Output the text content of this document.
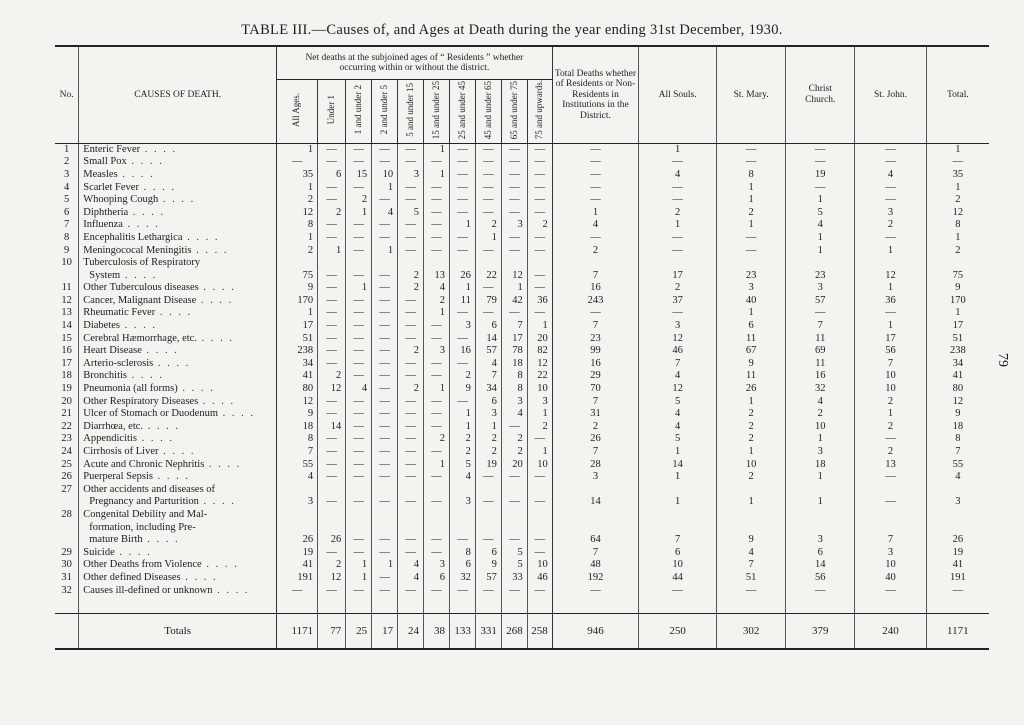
TABLE III.—Causes of, and Ages at Death during the year ending 31st December, 1930.
No.	CAUSES OF DEATH.	Net deaths at the subjoined ages of “ Residents ” whether occurring within or without the district.										Total Deaths whether of Residents or Non-Residents in Institutions in the District.	All Souls.	St. Mary.	Christ Church.	St. John.	Total.
		All Ages.	Under 1	1 and under 2	2 and under 5	5 and under 15	15 and under 25	25 and under 45	45 and under 65	65 and under 75	75 and upwards.						
1	Enteric Fever . . . .	1	—	—	—	—	1	—	—	—	—	—	1	—	—	—	1
2	Small Pox . . . .	—	—	—	—	—	—	—	—	—	—	—	—	—	—	—	—
3	Measles . . . .	35	6	15	10	3	1	—	—	—	—	—	4	8	19	4	35
4	Scarlet Fever . . . .	1	—	—	1	—	—	—	—	—	—	—	—	1	—	—	1
5	Whooping Cough . . . .	2	—	2	—	—	—	—	—	—	—	—	—	1	1	—	2
6	Diphtheria . . . .	12	2	1	4	5	—	—	—	—	—	1	2	2	5	3	12
7	Influenza . . . .	8	—	—	—	—	—	1	2	3	2	4	1	1	4	2	8
8	Encephalitis Lethargica . . . .	1	—	—	—	—	—	—	1	—	—	—	—	—	1	—	1
9	Meningococal Meningitis . . . .	2	1	—	1	—	—	—	—	—	—	2	—	—	1	1	2
10	Tuberculosis of Respiratory
System . . . .	75	—	—	—	2	13	26	22	12	—	7	17	23	23	12	75
11	Other Tuberculous diseases . . . .	9	—	1	—	2	4	1	—	1	—	16	2	3	3	1	9
12	Cancer, Malignant Disease . . . .	170	—	—	—	—	2	11	79	42	36	243	37	40	57	36	170
13	Rheumatic Fever . . . .	1	—	—	—	—	1	—	—	—	—	—	—	1	—	—	1
14	Diabetes . . . .	17	—	—	—	—	—	3	6	7	1	7	3	6	7	1	17
15	Cerebral Hæmorrhage, etc. . . . .	51	—	—	—	—	—	—	14	17	20	23	12	11	11	17	51
16	Heart Disease . . . .	238	—	—	—	2	3	16	57	78	82	99	46	67	69	56	238
17	Arterio-sclerosis . . . .	34	—	—	—	—	—	—	4	18	12	16	7	9	11	7	34
18	Bronchitis . . . .	41	2	—	—	—	—	2	7	8	22	29	4	11	16	10	41
19	Pneumonia (all forms) . . . .	80	12	4	—	2	1	9	34	8	10	70	12	26	32	10	80
20	Other Respiratory Diseases . . . .	12	—	—	—	—	—	—	6	3	3	7	5	1	4	2	12
21	Ulcer of Stomach or Duodenum . . . .	9	—	—	—	—	—	1	3	4	1	31	4	2	2	1	9
22	Diarrhœa, etc. . . . .	18	14	—	—	—	—	1	1	—	2	2	4	2	10	2	18
23	Appendicitis . . . .	8	—	—	—	—	2	2	2	2	—	26	5	2	1	—	8
24	Cirrhosis of Liver . . . .	7	—	—	—	—	—	2	2	2	1	7	1	1	3	2	7
25	Acute and Chronic Nephritis . . . .	55	—	—	—	—	1	5	19	20	10	28	14	10	18	13	55
26	Puerperal Sepsis . . . .	4	—	—	—	—	—	4	—	—	—	3	1	2	1	—	4
27	Other accidents and diseases of
Pregnancy and Parturition . . . .	3	—	—	—	—	—	3	—	—	—	14	1	1	1	—	3
28	Congenital Debility and Mal-
formation, including Pre-
mature Birth . . . .	26	26	—	—	—	—	—	—	—	—	64	7	9	3	7	26
29	Suicide . . . .	19	—	—	—	—	—	8	6	5	—	7	6	4	6	3	19
30	Other Deaths from Violence . . . .	41	2	1	1	4	3	6	9	5	10	48	10	7	14	10	41
31	Other defined Diseases . . . .	191	12	1	—	4	6	32	57	33	46	192	44	51	56	40	191
32	Causes ill-defined or unknown . . . .	—	—	—	—	—	—	—	—	—	—	—	—	—	—	—	—

	Totals	1171	77	25	17	24	38	133	331	268	258	946	250	302	379	240	1171
79
